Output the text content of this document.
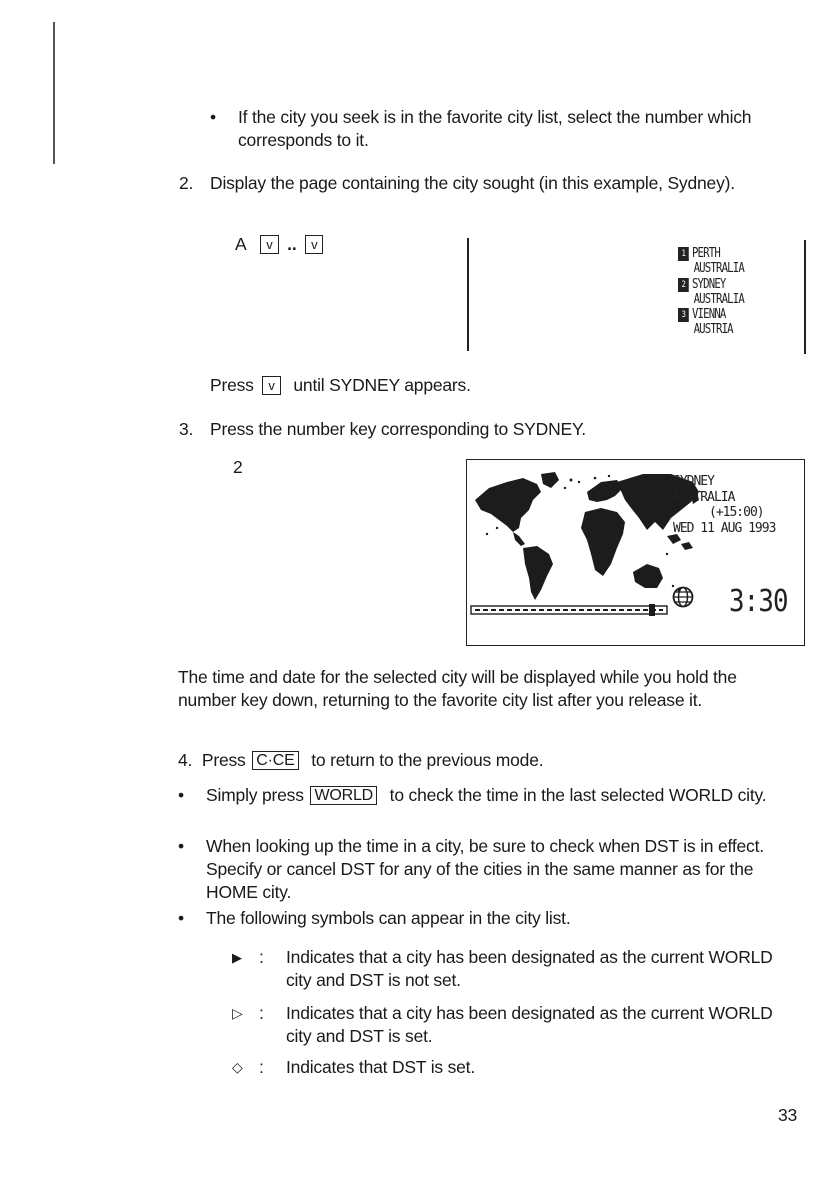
• If the city you seek is in the favorite city list, select the number which corresponds to it.
2. Display the page containing the city sought (in this example, Sydney).
A v .. v
1 PERTH
AUSTRALIA
2 SYDNEY
AUSTRALIA
3 VIENNA
AUSTRIA
Press v until SYDNEY appears.
3. Press the number key corresponding to SYDNEY.
2
SYDNEY
AUSTRALIA
(+15:00)
WED 11 AUG 1993
3:30
The time and date for the selected city will be displayed while you hold the number key down, returning to the favorite city list after you release it.
4. Press C·CE to return to the previous mode.
• Simply press WORLD to check the time in the last selected WORLD city.
• When looking up the time in a city, be sure to check when DST is in effect. Specify or cancel DST for any of the cities in the same manner as for the HOME city.
• The following symbols can appear in the city list.
▶ : Indicates that a city has been designated as the current WORLD city and DST is not set.
▷ : Indicates that a city has been designated as the current WORLD city and DST is set.
◇ : Indicates that DST is set.
33
